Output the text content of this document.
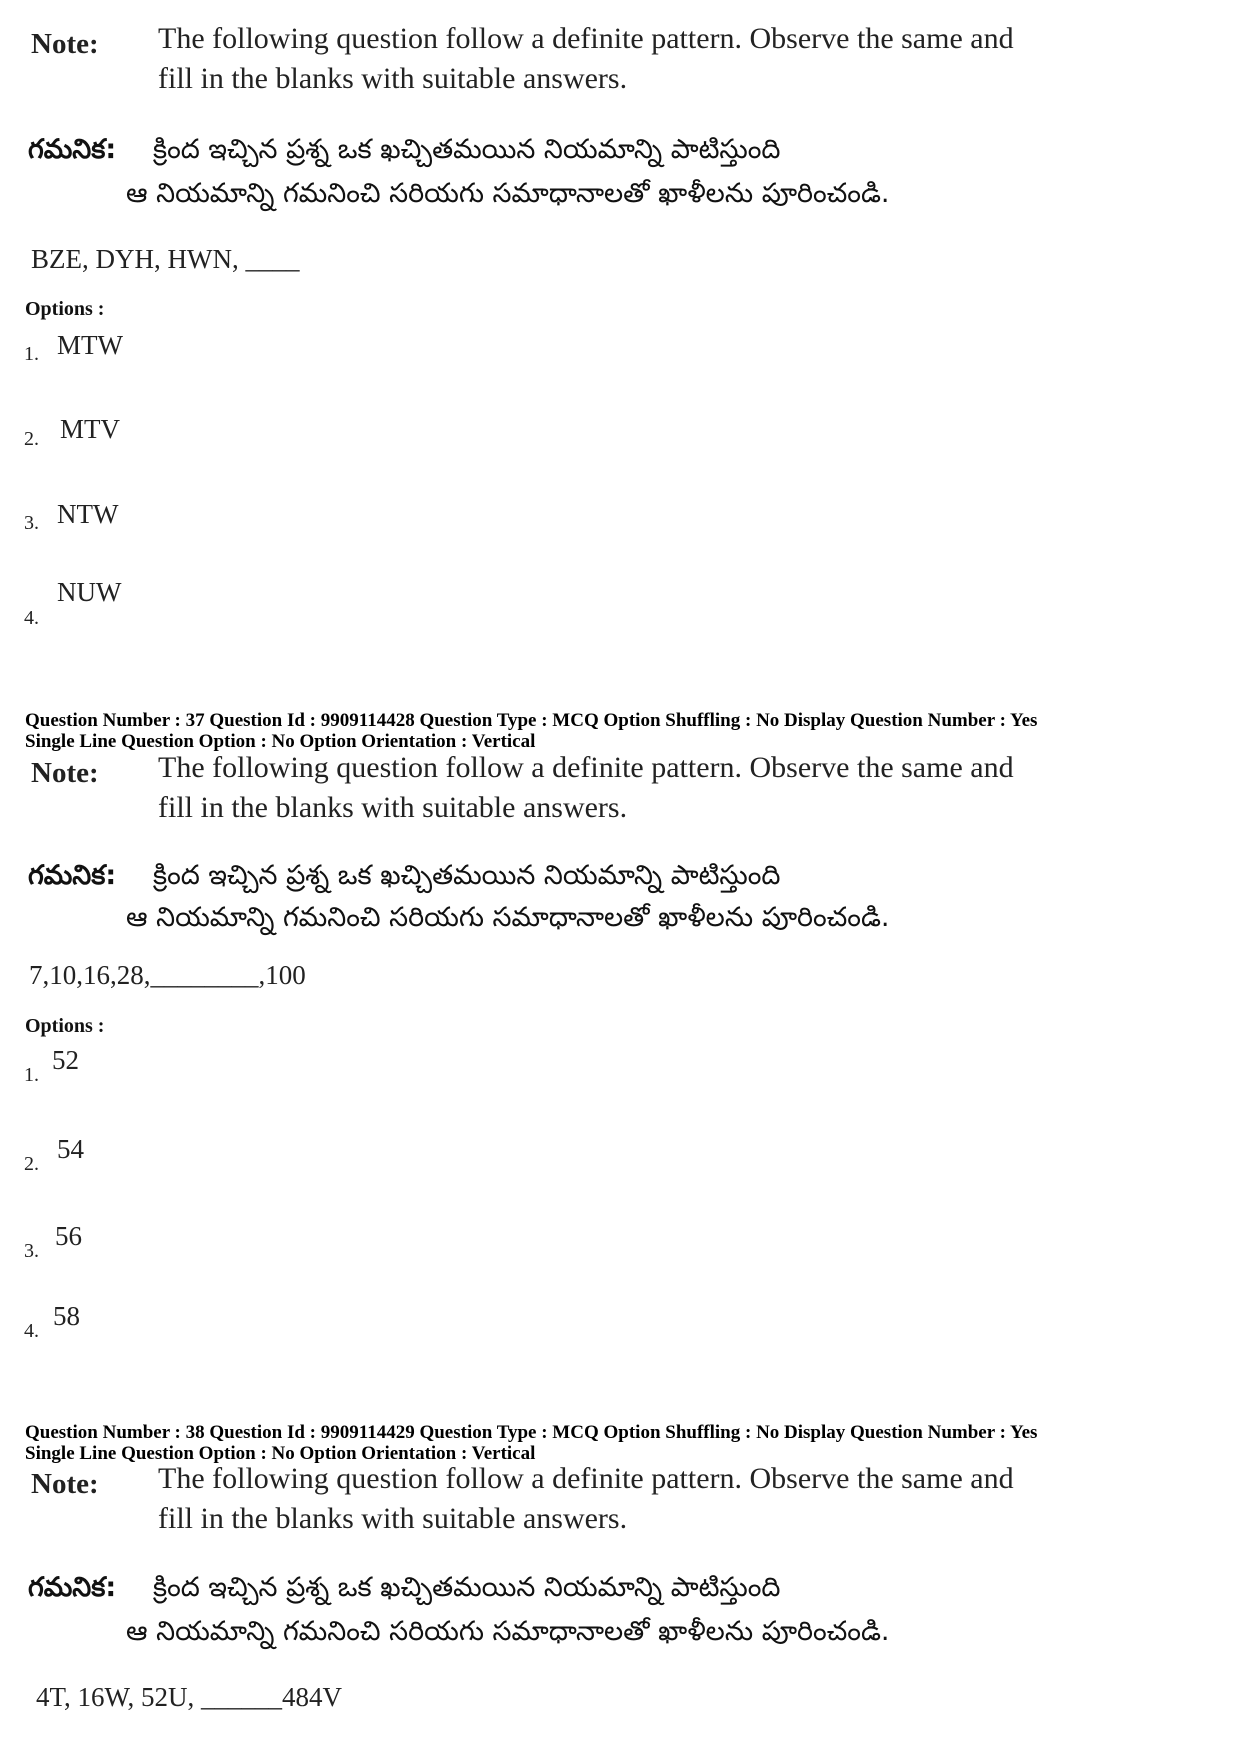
Note: The following question follow a definite pattern. Observe the same and
fill in the blanks with suitable answers.
గమనిక: క్రింద ఇచ్చిన ప్రశ్న ఒక ఖచ్చితమయిన నియమాన్ని పాటిస్తుంది
ఆ నియమాన్ని గమనించి సరియగు సమాధానాలతో ఖాళీలను పూరించండి.
BZE, DYH, HWN, ____
Options :
1. MTW
2. MTV
3. NTW
4.
NUW
Question Number : 37 Question Id : 9909114428 Question Type : MCQ Option Shuffling : No Display Question Number : Yes
Single Line Question Option : No Option Orientation : Vertical
Note: The following question follow a definite pattern. Observe the same and
fill in the blanks with suitable answers.
గమనిక: క్రింద ఇచ్చిన ప్రశ్న ఒక ఖచ్చితమయిన నియమాన్ని పాటిస్తుంది
ఆ నియమాన్ని గమనించి సరియగు సమాధానాలతో ఖాళీలను పూరించండి.
7,10,16,28,________,100
Options :
1. 52
2. 54
3. 56
4. 58
Question Number : 38 Question Id : 9909114429 Question Type : MCQ Option Shuffling : No Display Question Number : Yes
Single Line Question Option : No Option Orientation : Vertical
Note: The following question follow a definite pattern. Observe the same and
fill in the blanks with suitable answers.
గమనిక: క్రింద ఇచ్చిన ప్రశ్న ఒక ఖచ్చితమయిన నియమాన్ని పాటిస్తుంది
ఆ నియమాన్ని గమనించి సరియగు సమాధానాలతో ఖాళీలను పూరించండి.
4T, 16W, 52U, ______484V
